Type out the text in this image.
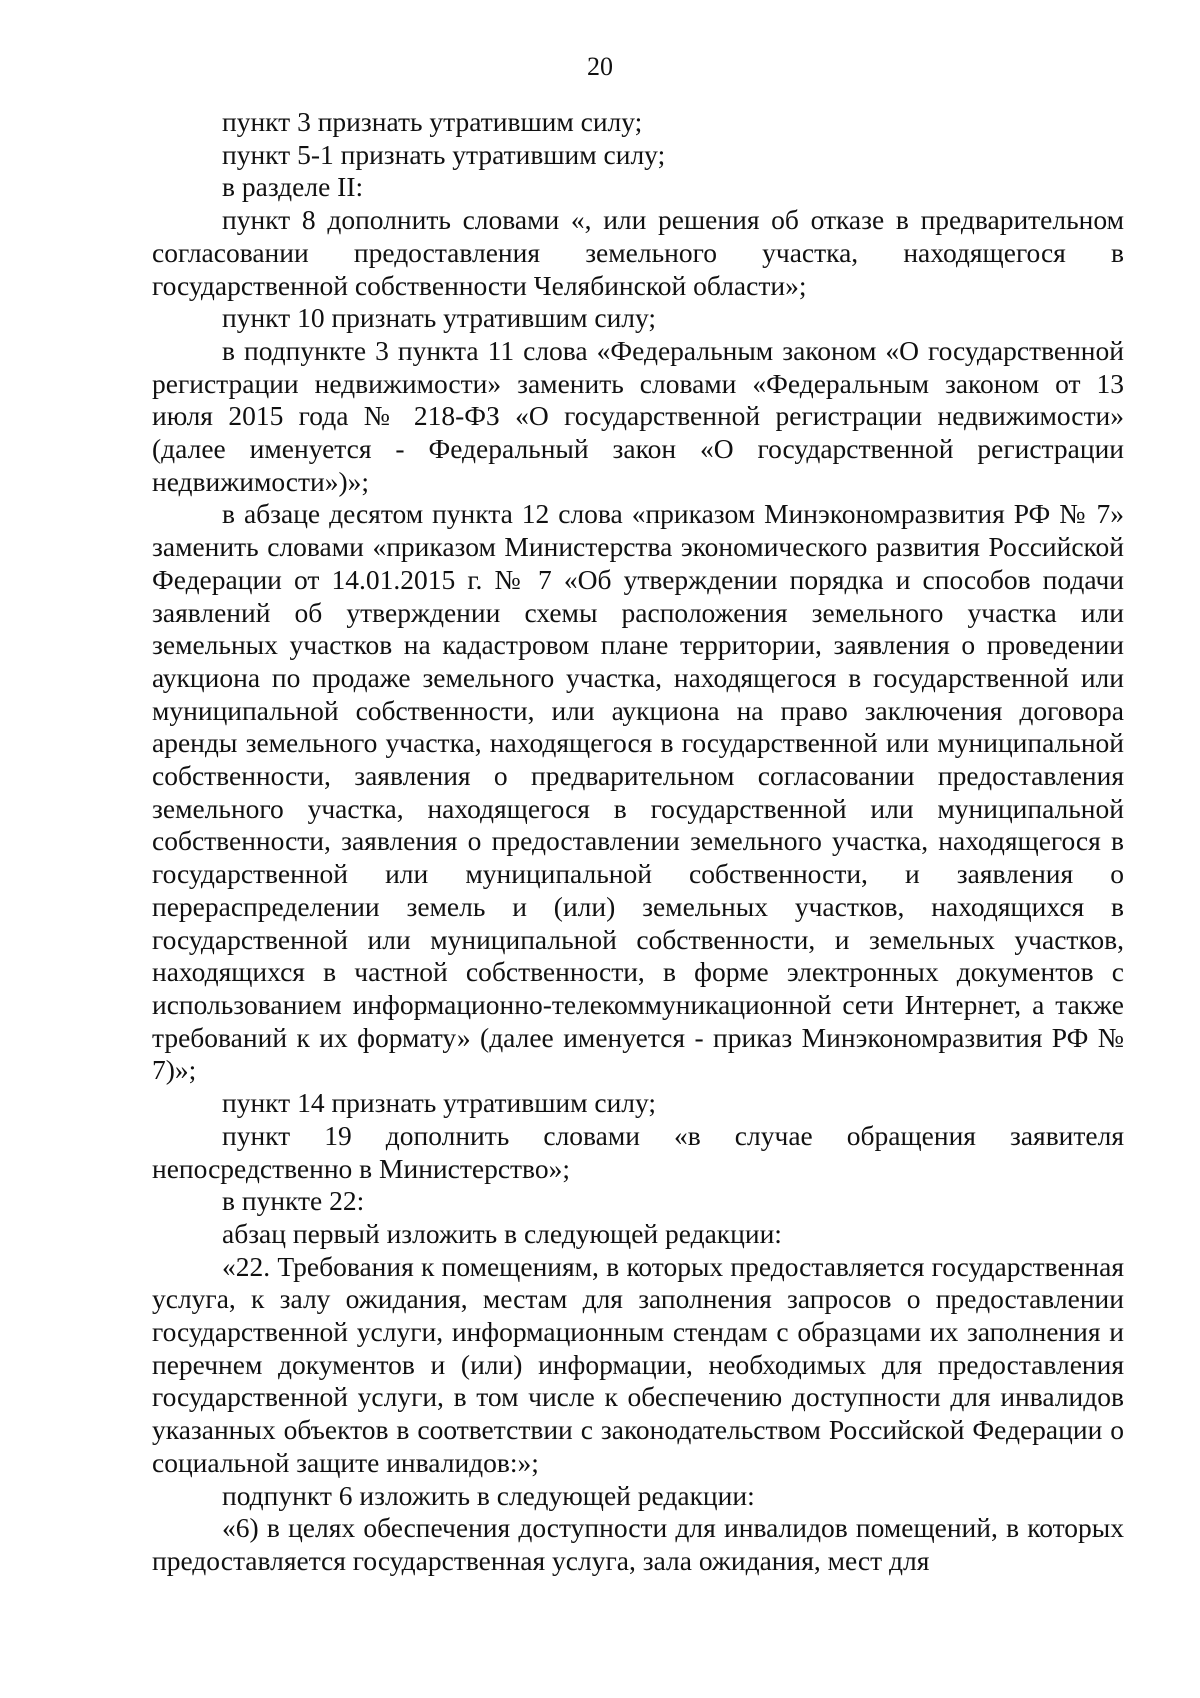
20

пункт 3 признать утратившим силу;

пункт 5-1 признать утратившим силу;

в разделе II:

пункт 8 дополнить словами «, или решения об отказе в предварительном согласовании предоставления земельного участка, находящегося в государственной собственности Челябинской области»;

пункт 10 признать утратившим силу;

в подпункте 3 пункта 11 слова «Федеральным законом «О государственной регистрации недвижимости» заменить словами «Федеральным законом от 13 июля 2015 года № 218-ФЗ «О государственной регистрации недвижимости» (далее именуется - Федеральный закон «О государственной регистрации недвижимости»)»;

в абзаце десятом пункта 12 слова «приказом Минэкономразвития РФ № 7» заменить словами «приказом Министерства экономического развития Российской Федерации от 14.01.2015 г. № 7 «Об утверждении порядка и способов подачи заявлений об утверждении схемы расположения земельного участка или земельных участков на кадастровом плане территории, заявления о проведении аукциона по продаже земельного участка, находящегося в государственной или муниципальной собственности, или аукциона на право заключения договора аренды земельного участка, находящегося в государственной или муниципальной собственности, заявления о предварительном согласовании предоставления земельного участка, находящегося в государственной или муниципальной собственности, заявления о предоставлении земельного участка, находящегося в государственной или муниципальной собственности, и заявления о перераспределении земель и (или) земельных участков, находящихся в государственной или муниципальной собственности, и земельных участков, находящихся в частной собственности, в форме электронных документов с использованием информационно-телекоммуникационной сети Интернет, а также требований к их формату» (далее именуется - приказ Минэкономразвития РФ № 7)»;

пункт 14 признать утратившим силу;

пункт 19 дополнить словами «в случае обращения заявителя непосредственно в Министерство»;

в пункте 22:

абзац первый изложить в следующей редакции:

«22. Требования к помещениям, в которых предоставляется государственная услуга, к залу ожидания, местам для заполнения запросов о предоставлении государственной услуги, информационным стендам с образцами их заполнения и перечнем документов и (или) информации, необходимых для предоставления государственной услуги, в том числе к обеспечению доступности для инвалидов указанных объектов в соответствии с законодательством Российской Федерации о социальной защите инвалидов:»;

подпункт 6 изложить в следующей редакции:

«6) в целях обеспечения доступности для инвалидов помещений, в которых предоставляется государственная услуга, зала ожидания, мест для
